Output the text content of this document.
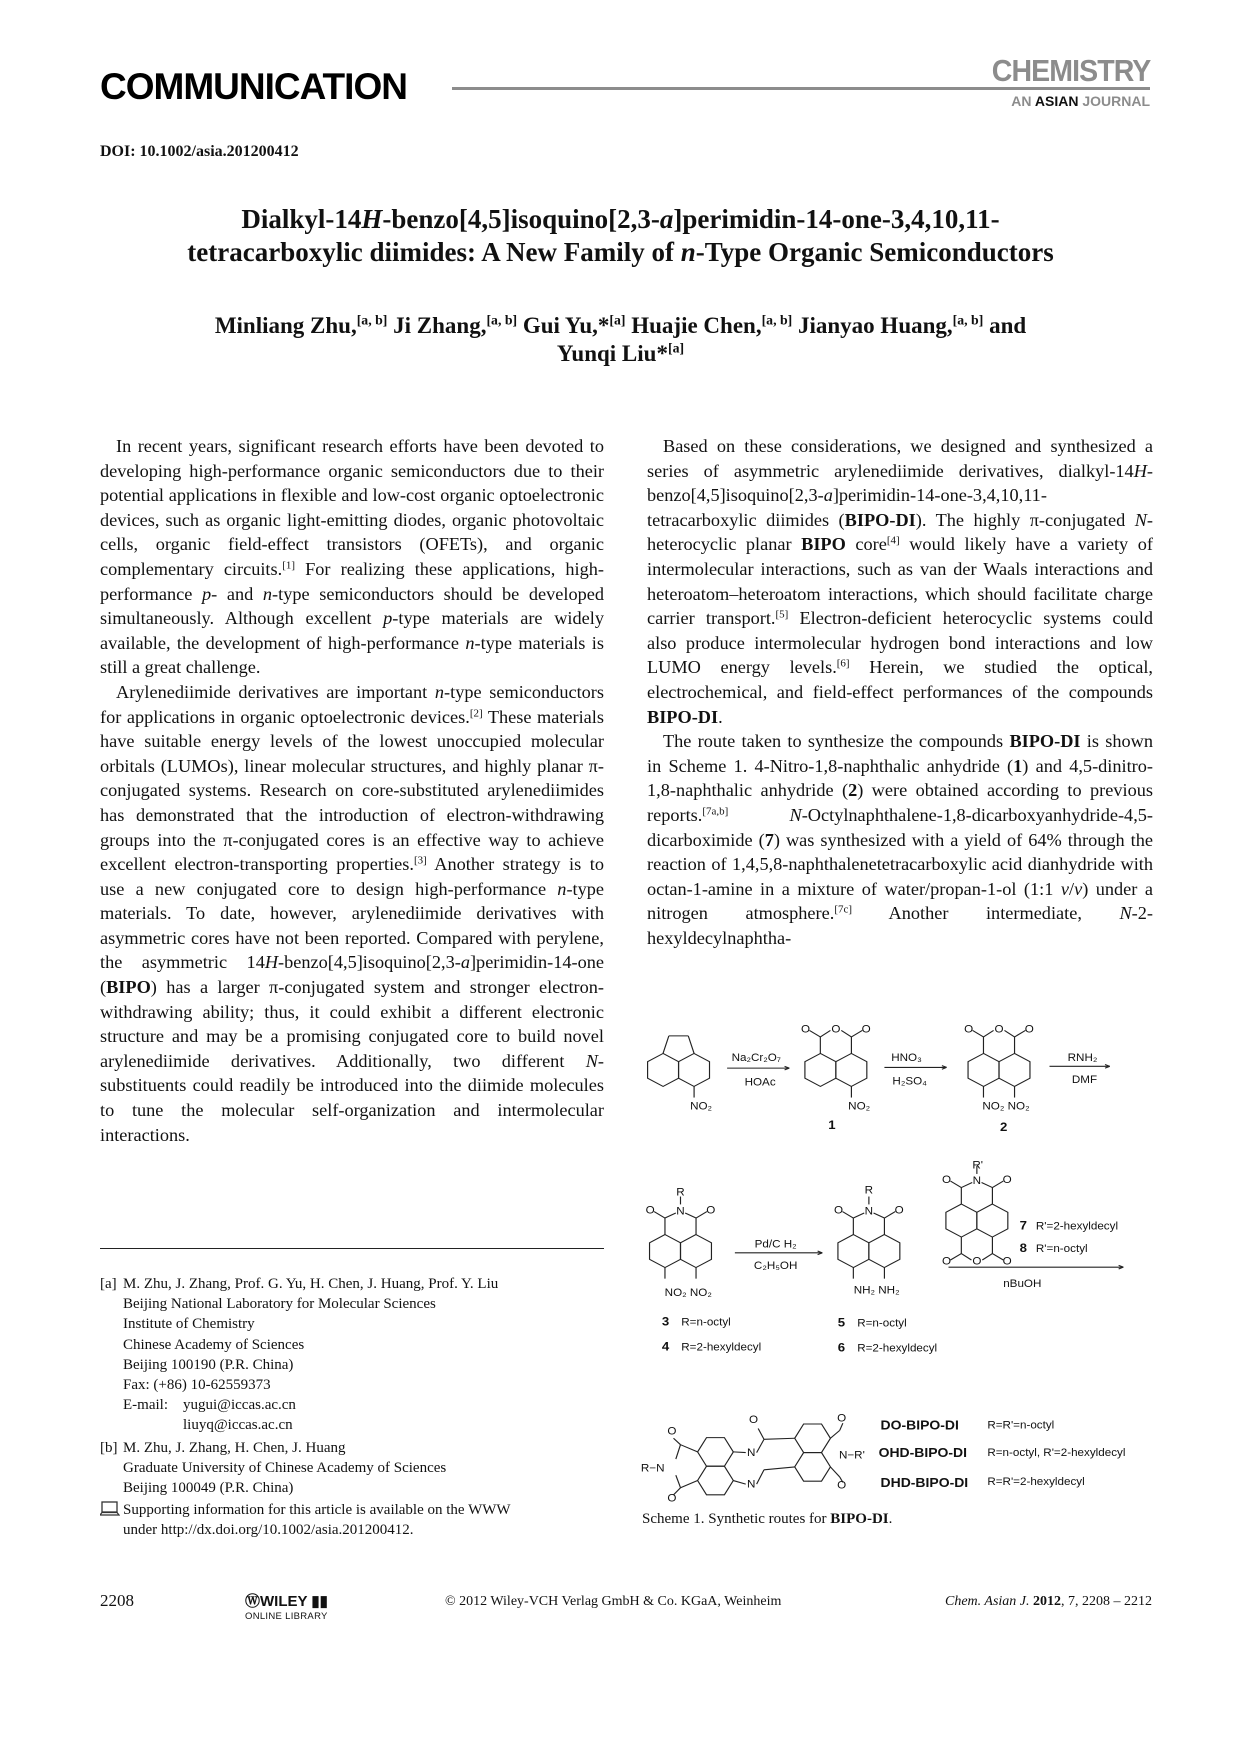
COMMUNICATION	CHEMISTRY
AN ASIAN JOURNAL
DOI: 10.1002/asia.201200412
Dialkyl-14H-benzo[4,5]isoquino[2,3-a]perimidin-14-one-3,4,10,11-
tetracarboxylic diimides: A New Family of n-Type Organic Semiconductors
Minliang Zhu,[a, b] Ji Zhang,[a, b] Gui Yu,*[a] Huajie Chen,[a, b] Jianyao Huang,[a, b] and
Yunqi Liu*[a]

In recent years, significant research efforts have been devoted to developing high-performance organic semiconductors due to their potential applications in flexible and low-cost organic optoelectronic devices, such as organic light-emitting diodes, organic photovoltaic cells, organic field-effect transistors (OFETs), and organic complementary circuits.[1] For realizing these applications, high-performance p- and n-type semiconductors should be developed simultaneously. Although excellent p-type materials are widely available, the development of high-performance n-type materials is still a great challenge.

Arylenediimide derivatives are important n-type semiconductors for applications in organic optoelectronic devices.[2] These materials have suitable energy levels of the lowest unoccupied molecular orbitals (LUMOs), linear molecular structures, and highly planar π-conjugated systems. Research on core-substituted arylenediimides has demonstrated that the introduction of electron-withdrawing groups into the π-conjugated cores is an effective way to achieve excellent electron-transporting properties.[3] Another strategy is to use a new conjugated core to design high-performance n-type materials. To date, however, arylenediimide derivatives with asymmetric cores have not been reported. Compared with perylene, the asymmetric 14H-benzo[4,5]isoquino[2,3-a]perimidin-14-one (BIPO) has a larger π-conjugated system and stronger electron-withdrawing ability; thus, it could exhibit a different electronic structure and may be a promising conjugated core to build novel arylenediimide derivatives. Additionally, two different N-substituents could readily be introduced into the diimide molecules to tune the molecular self-organization and intermolecular interactions.

Based on these considerations, we designed and synthesized a series of asymmetric arylenediimide derivatives, dialkyl-14H-benzo[4,5]isoquino[2,3-a]perimidin-14-one-3,4,10,11-tetracarboxylic diimides (BIPO-DI). The highly π-conjugated N-heterocyclic planar BIPO core[4] would likely have a variety of intermolecular interactions, such as van der Waals interactions and heteroatom–heteroatom interactions, which should facilitate charge carrier transport.[5] Electron-deficient heterocyclic systems could also produce intermolecular hydrogen bond interactions and low LUMO energy levels.[6] Herein, we studied the optical, electrochemical, and field-effect performances of the compounds BIPO-DI.

The route taken to synthesize the compounds BIPO-DI is shown in Scheme 1. 4-Nitro-1,8-naphthalic anhydride (1) and 4,5-dinitro-1,8-naphthalic anhydride (2) were obtained according to previous reports.[7a,b]	N-Octylnaphthalene-1,8-dicarboxyanhydride-4,5-dicarboximide (7) was synthesized with a yield of 64% through the reaction of 1,4,5,8-naphthalenetetracarboxylic acid dianhydride with octan-1-amine in a mixture of water/propan-1-ol (1:1 v/v) under a nitrogen atmosphere.[7c] Another intermediate, N-2-hexyldecylnaphtha-

[a] M. Zhu, J. Zhang, Prof. G. Yu, H. Chen, J. Huang, Prof. Y. Liu
Beijing National Laboratory for Molecular Sciences
Institute of Chemistry
Chinese Academy of Sciences
Beijing 100190 (P.R. China)
Fax: (+86) 10-62559373
E-mail:	yugui@iccas.ac.cn
liuyq@iccas.ac.cn
[b] M. Zhu, J. Zhang, H. Chen, J. Huang
Graduate University of Chinese Academy of Sciences
Beijing 100049 (P.R. China)
Supporting information for this article is available on the WWW
under http://dx.doi.org/10.1002/asia.201200412.
NO₂
Na₂Cr₂O₇
HOAc
NO₂
1
HNO₃
H₂SO₄
NO₂ NO₂
2
RNH₂
DMF
R
NO₂ NO₂
Pd/C H₂
C₂H₅OH
R
NH₂ NH₂
R'
nBuOH
R−N
N−R'
N
N
3 R=n-octyl
4 R=2-hexyldecyl
5 R=n-octyl
6 R=2-hexyldecyl
7 R'=2-hexyldecyl
8 R'=n-octyl
DO-BIPO-DI R=R'=n-octyl
OHD-BIPO-DI R=n-octyl, R'=2-hexyldecyl
DHD-BIPO-DI R=R'=2-hexyldecyl
O O
O	O O
O
O O
N	O O
N
O O
N
O O
O
O
O
O	O
O
Scheme 1. Synthetic routes for BIPO-DI.
2208	ⓌWILEY ▮▮
ONLINE LIBRARY
© 2012 Wiley-VCH Verlag GmbH & Co. KGaA, Weinheim	Chem. Asian J. 2012, 7, 2208 – 2212
